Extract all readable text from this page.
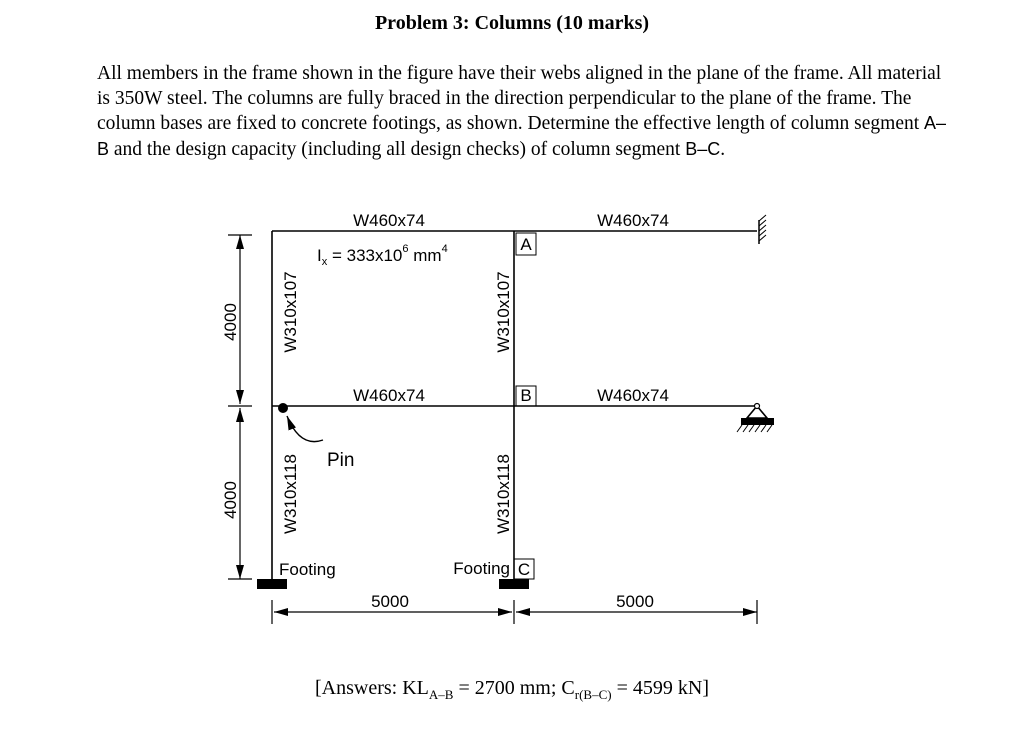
Problem 3: Columns (10 marks)

All members in the frame shown in the figure have their webs aligned in the plane of the frame. All material is 350W steel. The columns are fully braced in the direction perpendicular to the plane of the frame. The column bases are fixed to concrete footings, as shown. Determine the effective length of column segment A–B and the design capacity (including all design checks) of column segment B–C.

W460x74	W460x74
W460x74	W460x74
$I_x = 333x10^6$ $mm^4$
W310x107
W310x118
W310x107
W310x118
A
B
C
Pin
Footing	Footing
4000
4000
5000	5000
[Answers: $KL_{A-B} = 2700$ mm; $C_{r(B-C)} = 4599$ kN]
